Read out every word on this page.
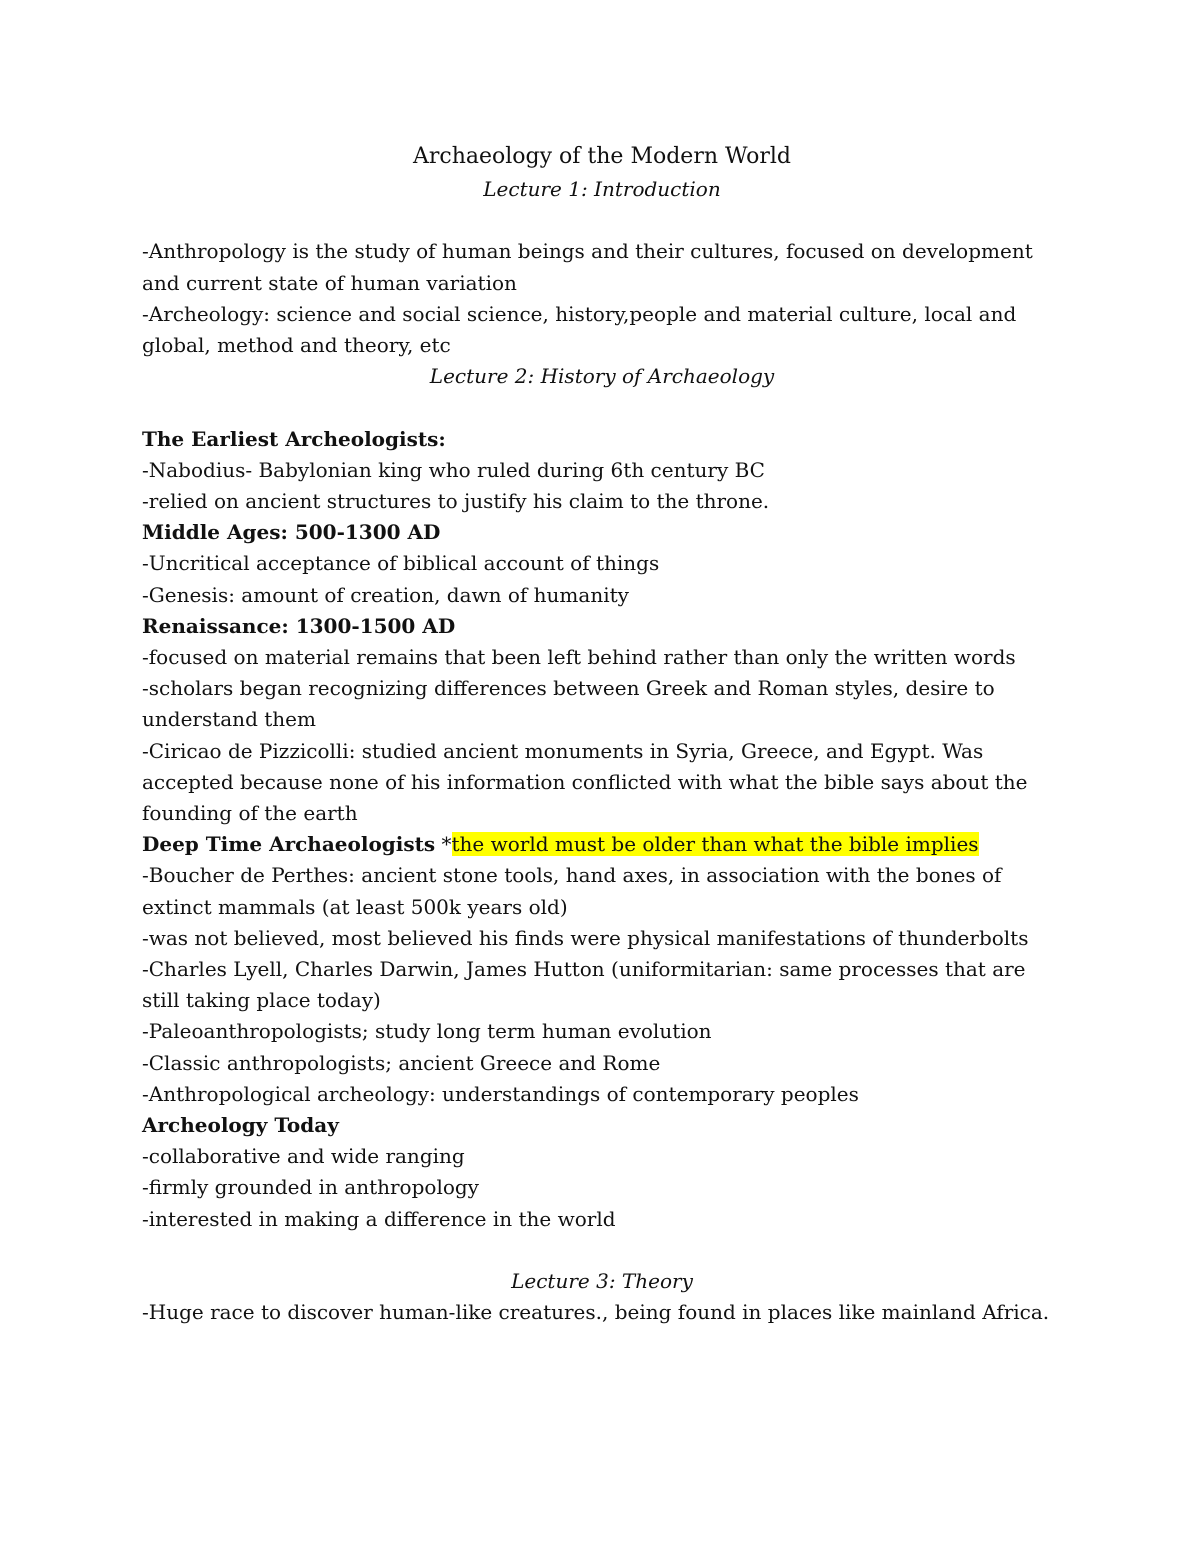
Archaeology of the Modern World

Lecture 1: Introduction

-Anthropology is the study of human beings and their cultures, focused on development and current state of human variation

-Archeology: science and social science, history,people and material culture, local and global, method and theory, etc

Lecture 2: History of Archaeology

The Earliest Archeologists:

-Nabodius- Babylonian king who ruled during 6th century BC

-relied on ancient structures to justify his claim to the throne.

Middle Ages: 500-1300 AD

-Uncritical acceptance of biblical account of things

-Genesis: amount of creation, dawn of humanity

Renaissance: 1300-1500 AD

-focused on material remains that been left behind rather than only the written words

-scholars began recognizing differences between Greek and Roman styles, desire to understand them

-Ciricao de Pizzicolli: studied ancient monuments in Syria, Greece, and Egypt. Was accepted because none of his information conflicted with what the bible says about the founding of the earth

Deep Time Archaeologists *the world must be older than what the bible implies

-Boucher de Perthes: ancient stone tools, hand axes, in association with the bones of extinct mammals (at least 500k years old)

-was not believed, most believed his finds were physical manifestations of thunderbolts

-Charles Lyell, Charles Darwin, James Hutton (uniformitarian: same processes that are still taking place today)

-Paleoanthropologists; study long term human evolution

-Classic anthropologists; ancient Greece and Rome

-Anthropological archeology: understandings of contemporary peoples

Archeology Today

-collaborative and wide ranging

-firmly grounded in anthropology

-interested in making a difference in the world

Lecture 3: Theory

-Huge race to discover human-like creatures., being found in places like mainland Africa.
